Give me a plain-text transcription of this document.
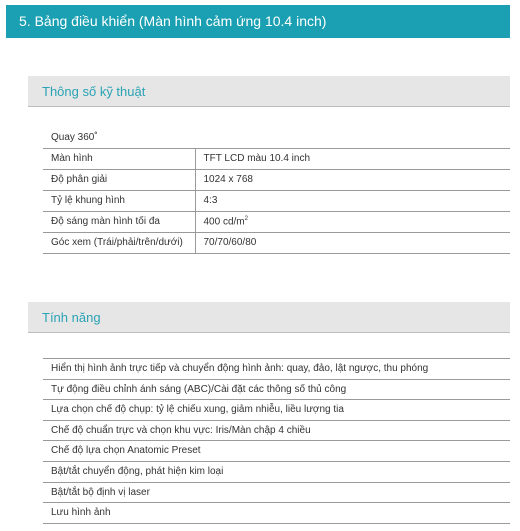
5. Bảng điều khiển (Màn hình cảm ứng 10.4 inch)
Thông số kỹ thuật
Quay 360˚	
Màn hình	TFT LCD màu 10.4 inch
Độ phân giải	1024 x 768
Tỷ lệ khung hình	4:3
Độ sáng màn hình tối đa	400 $cd/m^2$
Góc xem (Trái/phải/trên/dưới)	70/70/60/80
Tính năng
Hiển thị hình ảnh trực tiếp và chuyển động hình ảnh: quay, đảo, lật ngược, thu phóng
Tự động điều chỉnh ánh sáng (ABC)/Cài đặt các thông số thủ công
Lựa chọn chế độ chụp: tỷ lệ chiếu xung, giảm nhiễu, liều lượng tia
Chế độ chuẩn trực và chọn khu vực: Iris/Màn chập 4 chiều
Chế độ lựa chọn Anatomic Preset
Bật/tắt chuyển động, phát hiện kim loại
Bật/tắt bộ định vị laser
Lưu hình ảnh
